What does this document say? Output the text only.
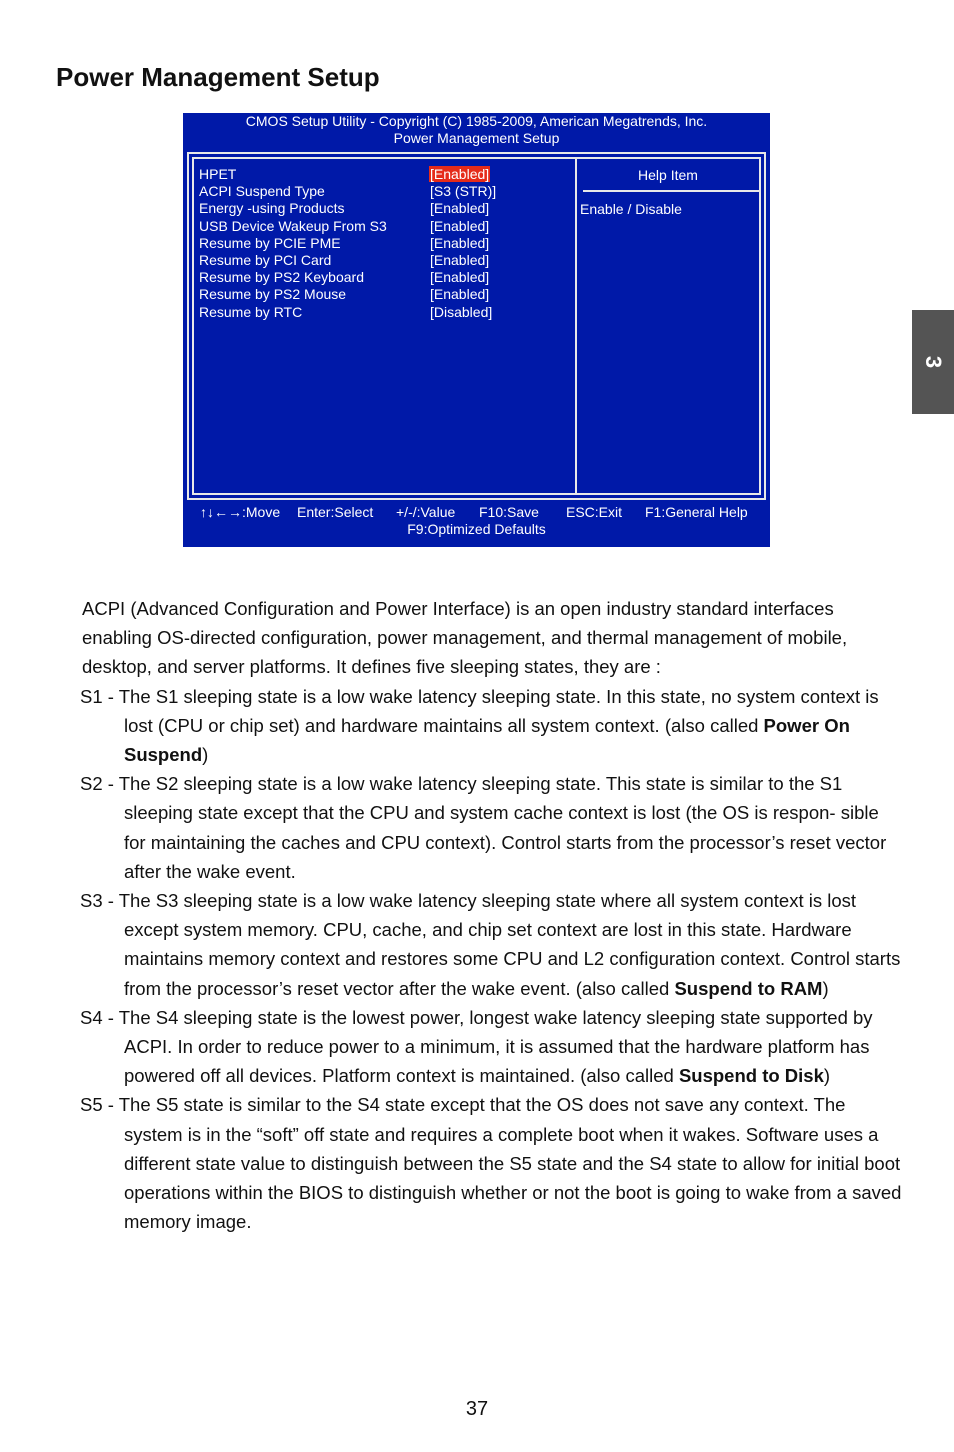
Power Management Setup
3
CMOS Setup Utility - Copyright (C) 1985-2009, American Megatrends, Inc.
Power Management Setup
HPET	[Enabled]
ACPI Suspend Type	[S3 (STR)]
Energy -using Products	[Enabled]
USB Device Wakeup From S3	[Enabled]
Resume by PCIE PME	[Enabled]
Resume by PCI Card	[Enabled]
Resume by PS2 Keyboard	[Enabled]
Resume by PS2 Mouse	[Enabled]
Resume by RTC	[Disabled]
Help Item
Enable / Disable
↑↓←→:Move Enter:Select +/-/:Value F10:Save ESC:Exit F1:General Help
F9:Optimized Defaults

ACPI (Advanced Configuration and Power Interface) is an open industry standard interfaces enabling OS-directed configuration, power management, and thermal management of mobile, desktop, and server platforms. It defines five sleeping states, they are :

S1 - The S1 sleeping state is a low wake latency sleeping state. In this state, no system context is lost (CPU or chip set) and hardware maintains all system context. (also called Power On Suspend)

S2 - The S2 sleeping state is a low wake latency sleeping state. This state is similar to the S1 sleeping state except that the CPU and system cache context is lost (the OS is respon- sible for maintaining the caches and CPU context). Control starts from the processor’s reset vector after the wake event.

S3 - The S3 sleeping state is a low wake latency sleeping state where all system context is lost except system memory. CPU, cache, and chip set context are lost in this state. Hardware maintains memory context and restores some CPU and L2 configuration context. Control starts from the processor’s reset vector after the wake event. (also called Suspend to RAM)

S4 - The S4 sleeping state is the lowest power, longest wake latency sleeping state supported by ACPI. In order to reduce power to a minimum, it is assumed that the hardware platform has powered off all devices. Platform context is maintained. (also called Suspend to Disk)

S5 - The S5 state is similar to the S4 state except that the OS does not save any context. The system is in the “soft” off state and requires a complete boot when it wakes. Software uses a different state value to distinguish between the S5 state and the S4 state to allow for initial boot operations within the BIOS to distinguish whether or not the boot is going to wake from a saved memory image.

37
